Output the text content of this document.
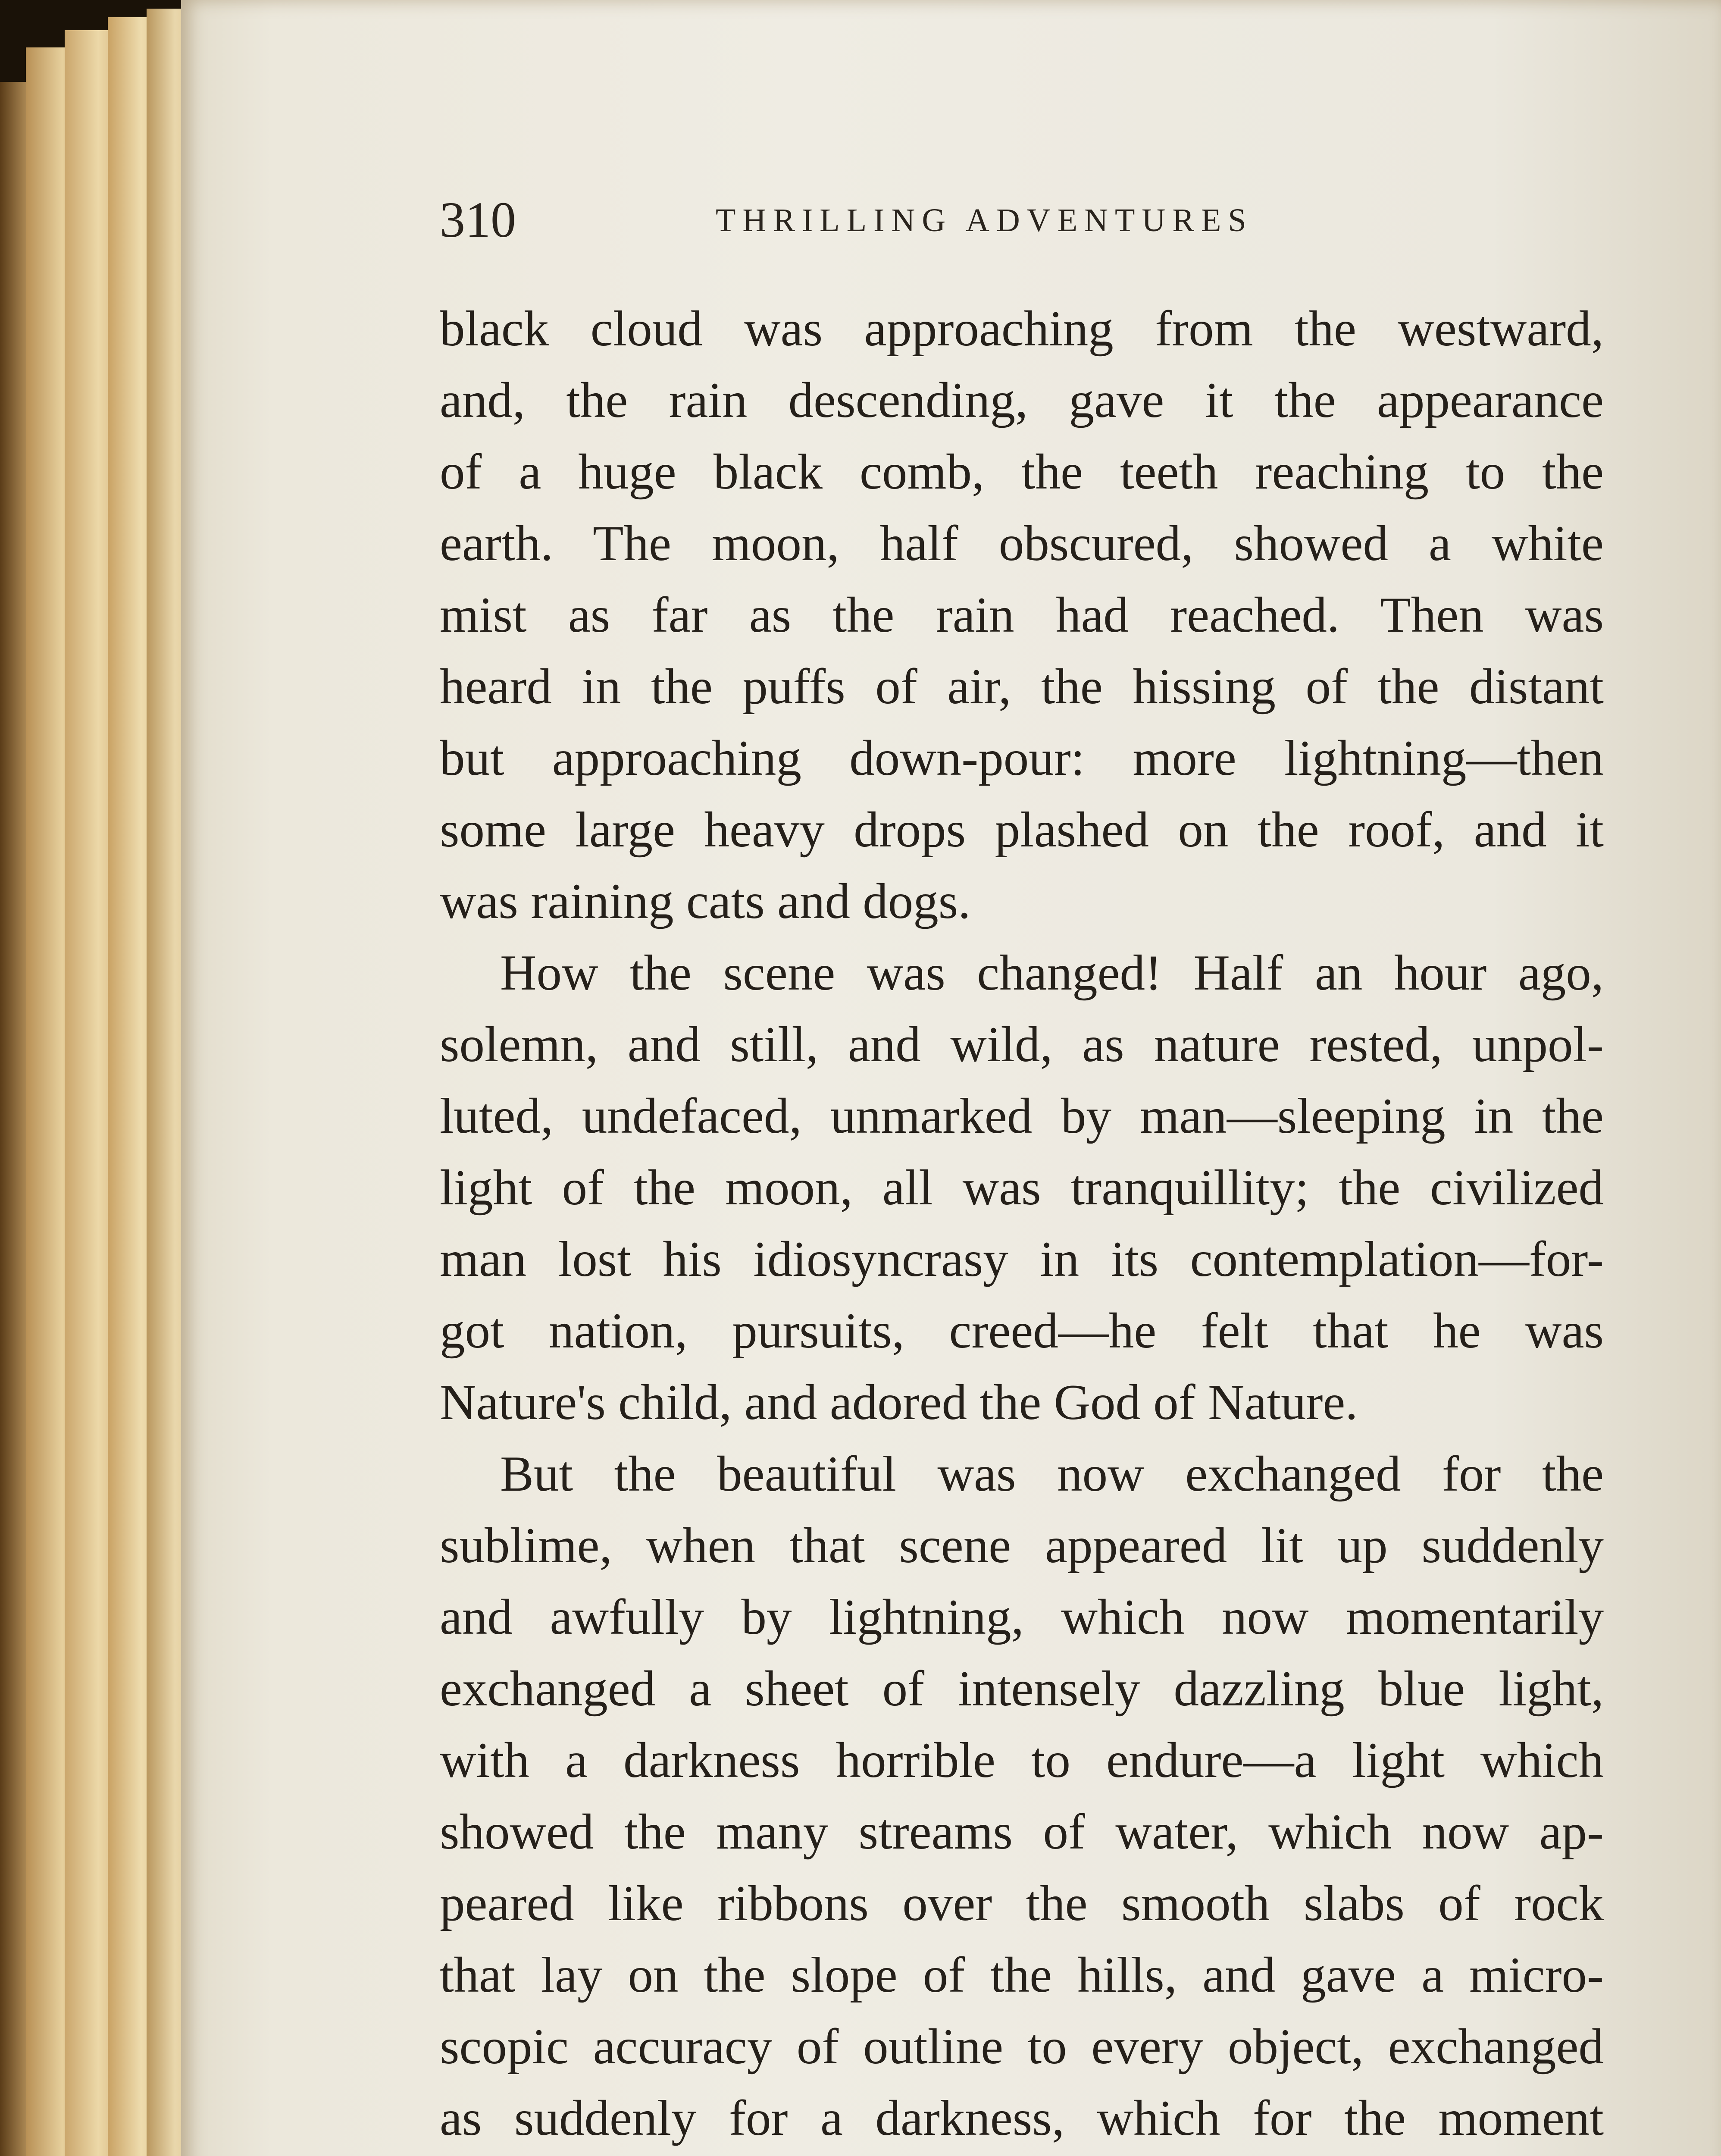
310	THRILLING ADVENTURES
black cloud was approaching from the westward,
and, the rain descending, gave it the appearance
of a huge black comb, the teeth reaching to the
earth. The moon, half obscured, showed a white
mist as far as the rain had reached. Then was
heard in the puffs of air, the hissing of the distant
but approaching down-pour: more lightning—then
some large heavy drops plashed on the roof, and it
was raining cats and dogs.
How the scene was changed! Half an hour ago,
solemn, and still, and wild, as nature rested, unpol-
luted, undefaced, unmarked by man—sleeping in the
light of the moon, all was tranquillity; the civilized
man lost his idiosyncrasy in its contemplation—for-
got nation, pursuits, creed—he felt that he was
Nature's child, and adored the God of Nature.
But the beautiful was now exchanged for the
sublime, when that scene appeared lit up suddenly
and awfully by lightning, which now momentarily
exchanged a sheet of intensely dazzling blue light,
with a darkness horrible to endure—a light which
showed the many streams of water, which now ap-
peared like ribbons over the smooth slabs of rock
that lay on the slope of the hills, and gave a micro-
scopic accuracy of outline to every object, exchanged
as suddenly for a darkness, which for the moment
